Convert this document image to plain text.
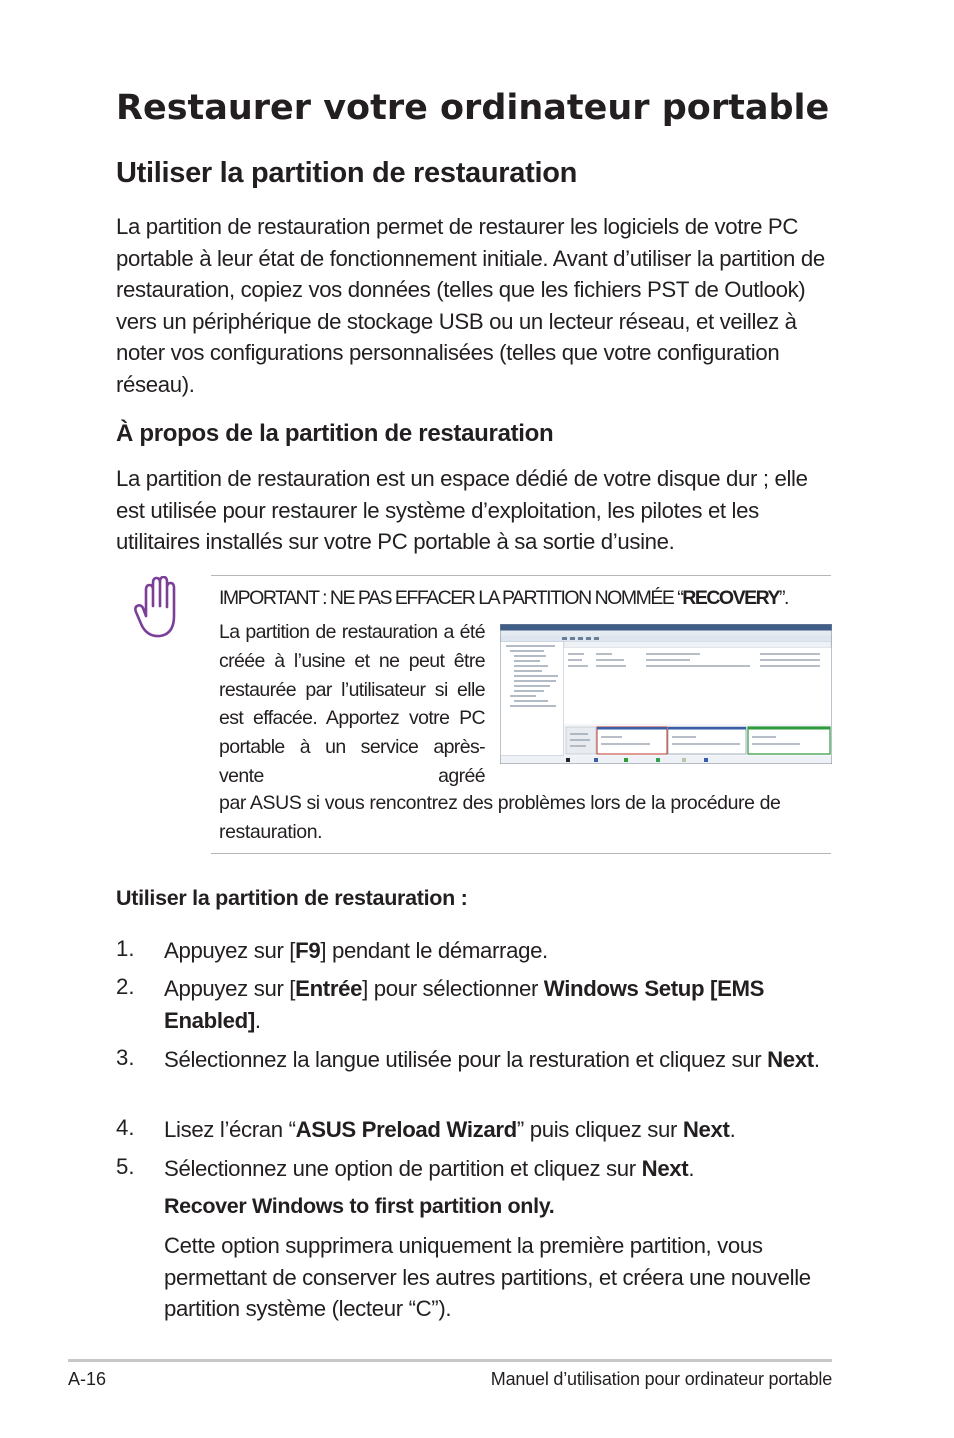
Restaurer votre ordinateur portable
Utiliser la partition de restauration

La partition de restauration permet de restaurer les logiciels de votre PC portable à leur état de fonctionnement initiale. Avant d’utiliser la partition de restauration, copiez vos données (telles que les fichiers PST de Outlook) vers un périphérique de stockage USB ou un lecteur réseau, et veillez à noter vos configurations personnalisées (telles que votre configuration réseau).

À propos de la partition de restauration

La partition de restauration est un espace dédié de votre disque dur ; elle est utilisée pour restaurer le système d’exploitation, les pilotes et les utilitaires installés sur votre PC portable à sa sortie d’usine.

IMPORTANT : NE PAS EFFACER LA PARTITION NOMMÉE “RECOVERY”.

La partition de restauration a été créée à l’usine et ne peut être restaurée par l’utilisateur si elle est effacée. Apportez votre PC portable à un service après-vente agréé

par ASUS si vous rencontrez des problèmes lors de la procédure de restauration.

Utiliser la partition de restauration :

1. Appuyez sur [F9] pendant le démarrage.

2. Appuyez sur [Entrée] pour sélectionner Windows Setup [EMS Enabled].

3. Sélectionnez la langue utilisée pour la resturation et cliquez sur Next.

4. Lisez l’écran “ASUS Preload Wizard” puis cliquez sur Next.

5. Sélectionnez une option de partition et cliquez sur Next.

Recover Windows to first partition only.

Cette option supprimera uniquement la première partition, vous permettant de conserver les autres partitions, et créera une nouvelle partition système (lecteur “C”).

A-16	Manuel d’utilisation pour ordinateur portable
